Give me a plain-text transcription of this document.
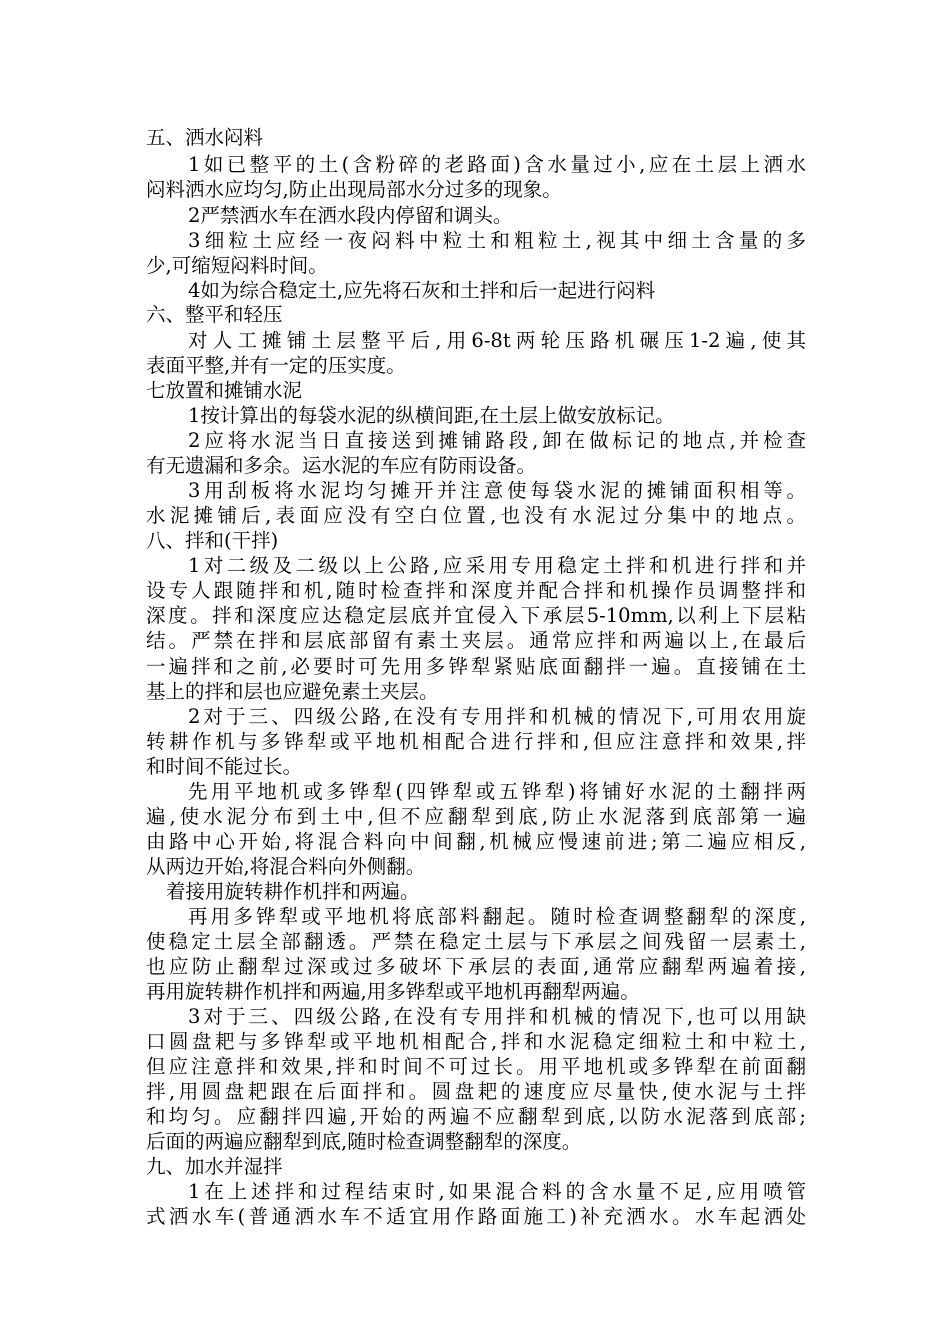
五、洒水闷料
1如已整平的土(含粉碎的老路面)含水量过小,应在土层上洒水
闷料洒水应均匀,防止出现局部水分过多的现象。
2严禁洒水车在洒水段内停留和调头。
3细粒土应经一夜闷料中粒土和粗粒土,视其中细土含量的多
少,可缩短闷料时间。
4如为综合稳定土,应先将石灰和土拌和后一起进行闷料
六、整平和轻压
对人工摊铺土层整平后,用6-8t两轮压路机碾压1-2遍,使其
表面平整,并有一定的压实度。
七放置和摊铺水泥
1按计算出的每袋水泥的纵横间距,在土层上做安放标记。
2应将水泥当日直接送到摊铺路段,卸在做标记的地点,并检查
有无遗漏和多余。运水泥的车应有防雨设备。
3用刮板将水泥均匀摊开并注意使每袋水泥的摊铺面积相等。
水泥摊铺后,表面应没有空白位置,也没有水泥过分集中的地点。
八、拌和(干拌)
1对二级及二级以上公路,应采用专用稳定土拌和机进行拌和并
设专人跟随拌和机,随时检查拌和深度并配合拌和机操作员调整拌和
深度。拌和深度应达稳定层底并宜侵入下承层5-10mm,以利上下层粘
结。严禁在拌和层底部留有素土夹层。通常应拌和两遍以上,在最后
一遍拌和之前,必要时可先用多铧犁紧贴底面翻拌一遍。直接铺在土
基上的拌和层也应避免素土夹层。
2对于三、四级公路,在没有专用拌和机械的情况下,可用农用旋
转耕作机与多铧犁或平地机相配合进行拌和,但应注意拌和效果,拌
和时间不能过长。
先用平地机或多铧犁(四铧犁或五铧犁)将铺好水泥的土翻拌两
遍,使水泥分布到土中,但不应翻犁到底,防止水泥落到底部第一遍
由路中心开始,将混合料向中间翻,机械应慢速前进;第二遍应相反,
从两边开始,将混合料向外侧翻。
着接用旋转耕作机拌和两遍。
再用多铧犁或平地机将底部料翻起。随时检查调整翻犁的深度,
使稳定土层全部翻透。严禁在稳定土层与下承层之间残留一层素土,
也应防止翻犁过深或过多破坏下承层的表面,通常应翻犁两遍着接,
再用旋转耕作机拌和两遍,用多铧犁或平地机再翻犁两遍。
3对于三、四级公路,在没有专用拌和机械的情况下,也可以用缺
口圆盘耙与多铧犁或平地机相配合,拌和水泥稳定细粒土和中粒土,
但应注意拌和效果,拌和时间不可过长。用平地机或多铧犁在前面翻
拌,用圆盘耙跟在后面拌和。圆盘耙的速度应尽量快,使水泥与土拌
和均匀。应翻拌四遍,开始的两遍不应翻犁到底,以防水泥落到底部;
后面的两遍应翻犁到底,随时检查调整翻犁的深度。
九、加水并湿拌
1在上述拌和过程结束时,如果混合料的含水量不足,应用喷管
式洒水车(普通洒水车不适宜用作路面施工)补充洒水。水车起洒处
